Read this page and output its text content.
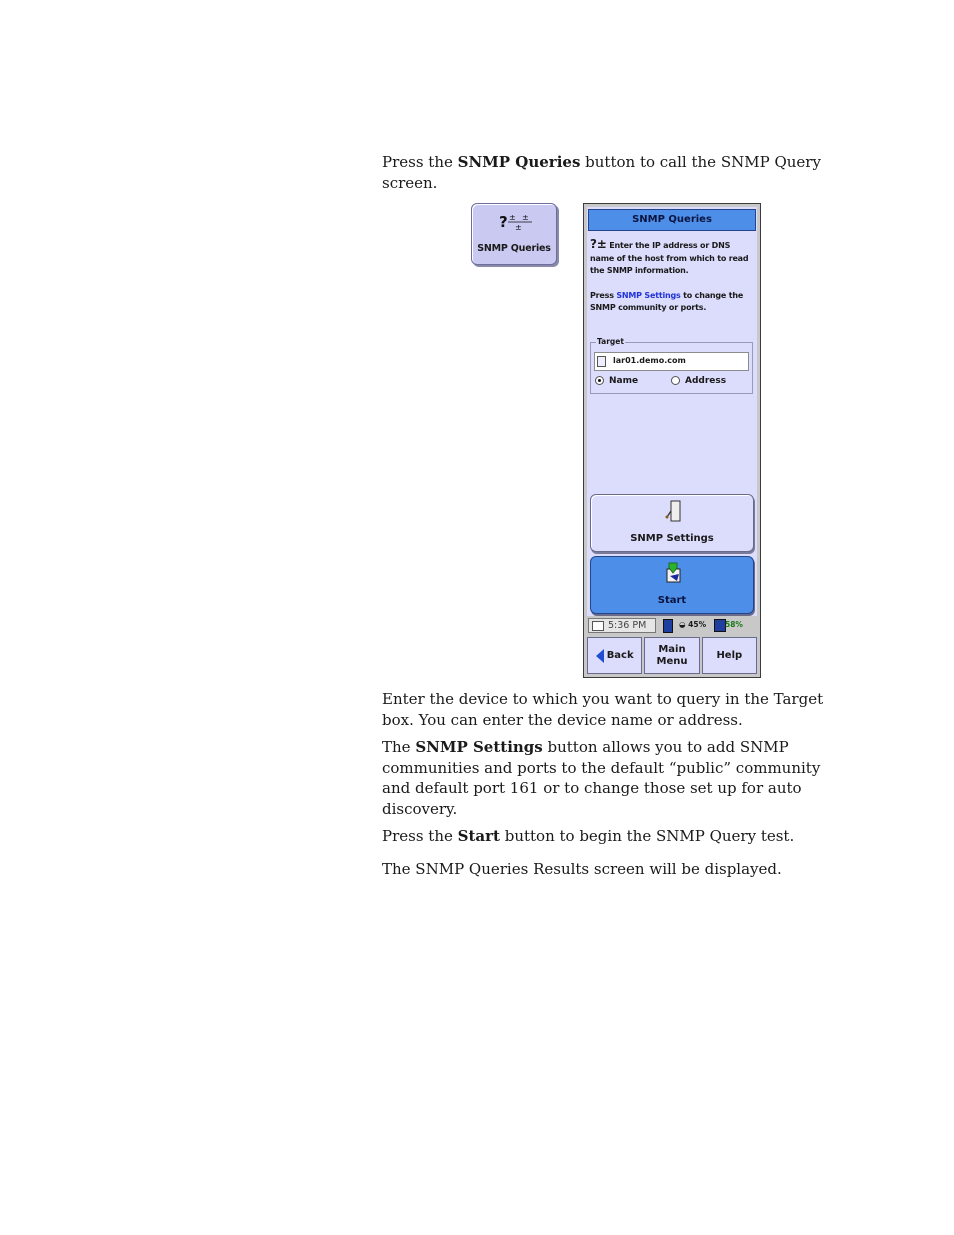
Press the SNMP Queries button to call the SNMP Query screen.

? ± ±
±
SNMP Queries
SNMP Queries
?± Enter the IP address or DNS name of the host from which to read the SNMP information.
Press SNMP Settings to change the SNMP community or ports.
Target
lar01.demo.com
Name	Address
SNMP Settings
Start
5:36 PM	◒ 45%	58%
Back
Main
Menu
Help

Enter the device to which you want to query in the Target box. You can enter the device name or address.

The SNMP Settings button allows you to add SNMP communities and ports to the default “public” community and default port 161 or to change those set up for auto discovery.

Press the Start button to begin the SNMP Query test.

The SNMP Queries Results screen will be displayed.
